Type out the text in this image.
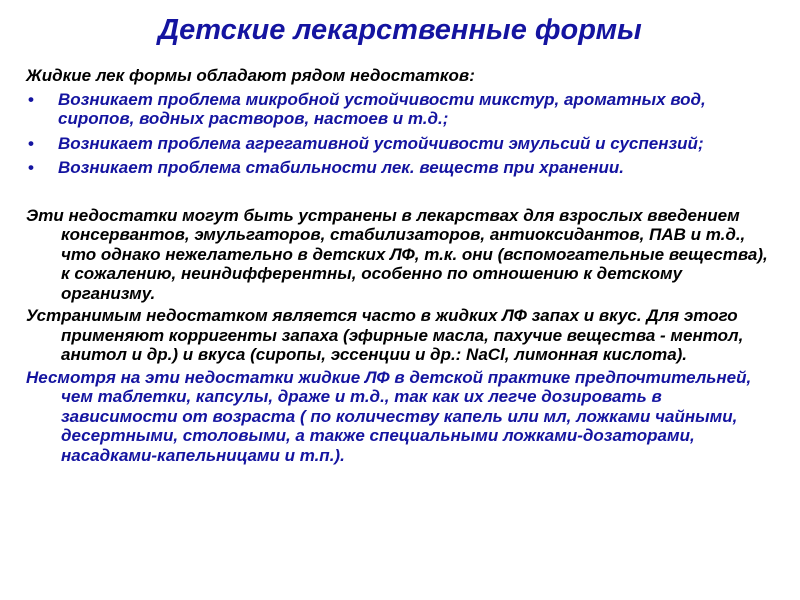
Детские лекарственные формы

Жидкие лек формы обладают рядом недостатков:

• Возникает проблема микробной устойчивости микстур, ароматных вод, сиропов, водных растворов, настоев и т.д.;
• Возникает проблема агрегативной устойчивости эмульсий и суспензий;
• Возникает проблема стабильности лек. веществ при хранении.

Эти недостатки могут быть устранены в лекарствах для взрослых введением консервантов, эмульгаторов, стабилизаторов, антиоксидантов, ПАВ и т.д., что однако нежелательно в детских ЛФ, т.к. они (вспомогательные вещества), к сожалению, неиндифферентны, особенно по отношению к детскому организму.

Устранимым недостатком является часто в жидких ЛФ запах и вкус. Для этого применяют корригенты запаха (эфирные масла, пахучие вещества - ментол, анитол и др.) и вкуса (сиропы, эссенции и др.: NaCl, лимонная кислота).

Несмотря на эти недостатки жидкие ЛФ в детской практике предпочтительней, чем таблетки, капсулы, драже и т.д., так как их легче дозировать в зависимости от возраста ( по количеству капель или мл, ложками чайными, десертными, столовыми, а также специальными ложками-дозаторами, насадками-капельницами и т.п.).
